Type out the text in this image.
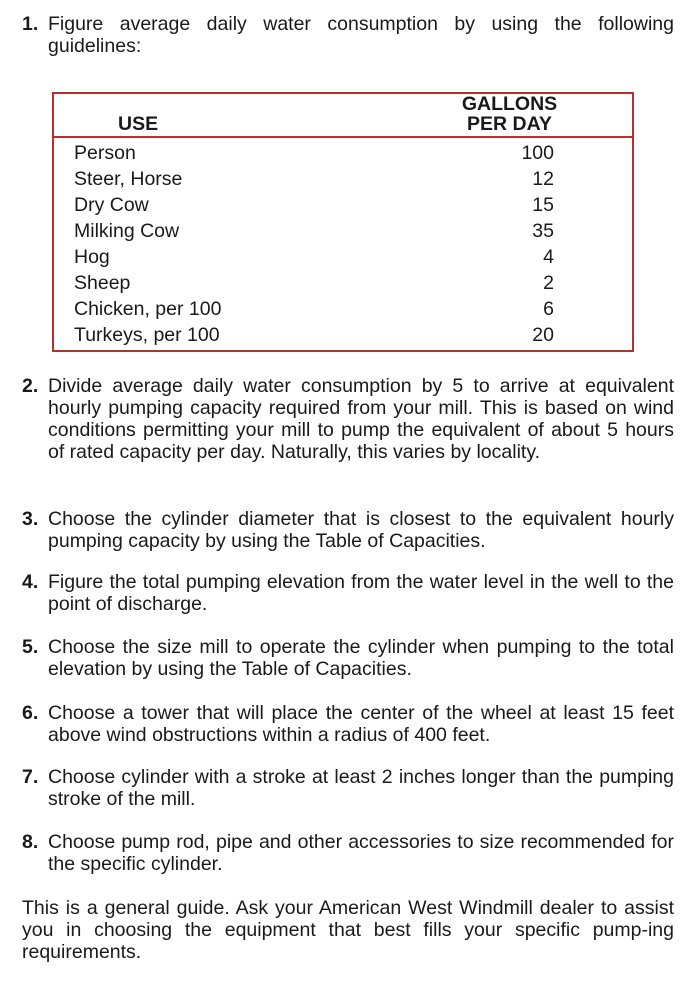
1. Figure average daily water consumption by using the following guidelines:
USE	GALLONS
PER DAY

Person	100
Steer, Horse	12
Dry Cow	15
Milking Cow	35
Hog	4
Sheep	2
Chicken, per 100	6
Turkeys, per 100	20
2. Divide average daily water consumption by 5 to arrive at equivalent hourly pumping capacity required from your mill. This is based on wind conditions permitting your mill to pump the equivalent of about 5 hours of rated capacity per day. Naturally, this varies by locality.
3. Choose the cylinder diameter that is closest to the equivalent hourly pumping capacity by using the Table of Capacities.
4. Figure the total pumping elevation from the water level in the well to the point of discharge.
5. Choose the size mill to operate the cylinder when pumping to the total elevation by using the Table of Capacities.
6. Choose a tower that will place the center of the wheel at least 15 feet above wind obstructions within a radius of 400 feet.
7. Choose cylinder with a stroke at least 2 inches longer than the pumping stroke of the mill.
8. Choose pump rod, pipe and other accessories to size recommended for the specific cylinder.
This is a general guide. Ask your American West Windmill dealer to assist you in choosing the equipment that best fills your specific pump-ing requirements.
